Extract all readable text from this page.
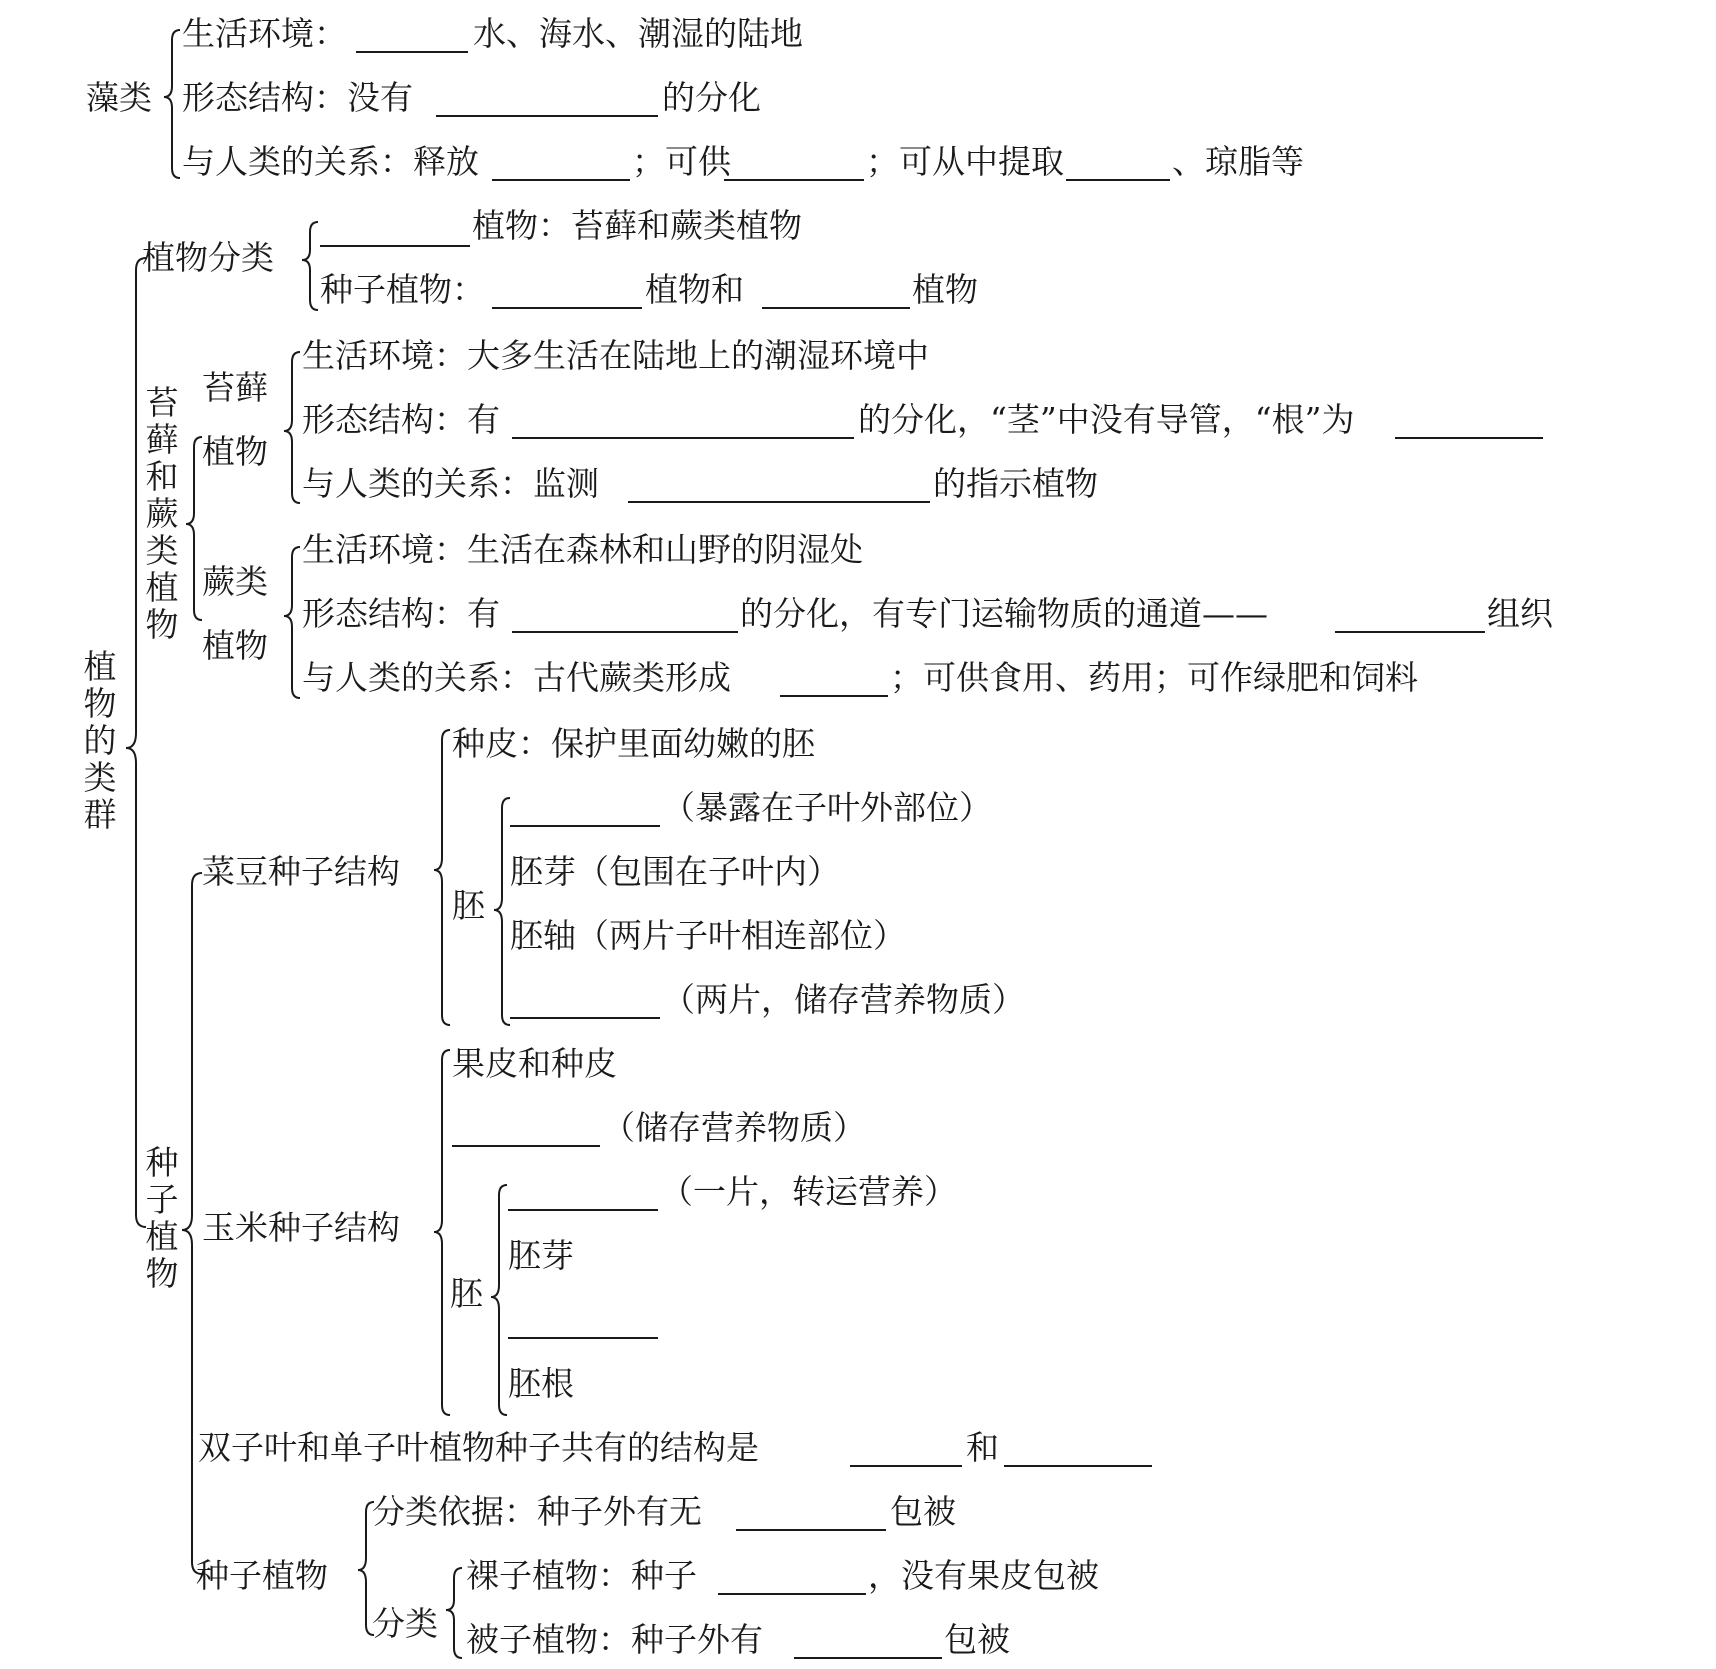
藻类
生活环境：	水、海水、潮湿的陆地
形态结构：没有	的分化
与人类的关系：释放	；可供	；可从中提取	、琼脂等
植物的类群
植物分类
植物：苔藓和蕨类植物
种子植物：	植物和	植物
苔藓和蕨类植物
苔藓
植物
生活环境：大多生活在陆地上的潮湿环境中
形态结构：有	的分化，“茎”中没有导管，“根”为
与人类的关系：监测	的指示植物
蕨类
植物
生活环境：生活在森林和山野的阴湿处
形态结构：有	的分化，有专门运输物质的通道——	组织
与人类的关系：古代蕨类形成	；可供食用、药用；可作绿肥和饲料
种子植物
菜豆种子结构
种皮：保护里面幼嫩的胚
胚
（暴露在子叶外部位）
胚芽（包围在子叶内）
胚轴（两片子叶相连部位）
（两片，储存营养物质）
玉米种子结构
果皮和种皮
（储存营养物质）
胚
（一片，转运营养）
胚芽
胚根
双子叶和单子叶植物种子共有的结构是	和
种子植物
分类依据：种子外有无	包被
分类
裸子植物：种子	，没有果皮包被
被子植物：种子外有	包被
